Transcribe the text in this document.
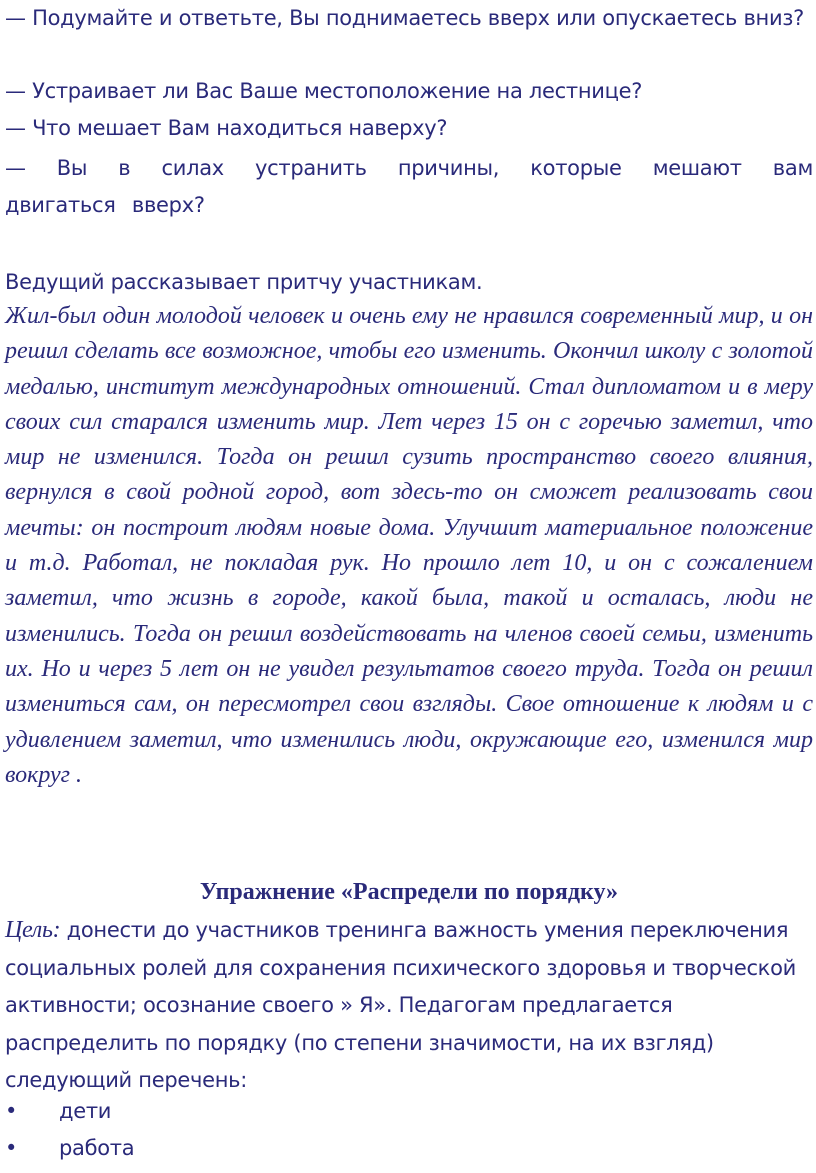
— Подумайте и ответьте, Вы поднимаетесь вверх или опускаетесь вниз?

— Устраивает ли Вас Ваше местоположение на лестнице?

— Что мешает Вам находиться наверху?

— Вы в силах устранить причины, которые мешают вам двигаться вверх?

Ведущий рассказывает притчу участникам.

Жил-был один молодой человек и очень ему не нравился современный мир, и он решил сделать все возможное, чтобы его изменить. Окончил школу с золотой медалью, институт международных отношений. Стал дипломатом и в меру своих сил старался изменить мир. Лет через 15 он с горечью заметил, что мир не изменился. Тогда он решил сузить пространство своего влияния, вернулся в свой родной город, вот здесь-то он сможет реализовать свои мечты: он построит людям новые дома. Улучшит материальное положение и т.д. Работал, не покладая рук. Но прошло лет 10, и он с сожалением заметил, что жизнь в городе, какой была, такой и осталась, люди не изменились. Тогда он решил воздействовать на членов своей семьи, изменить их. Но и через 5 лет он не увидел результатов своего труда. Тогда он решил измениться сам, он пересмотрел свои взгляды. Свое отношение к людям и с удивлением заметил, что изменились люди, окружающие его, изменился мир вокруг .

Упражнение «Распредели по порядку»

Цель: донести до участников тренинга важность умения переключения социальных ролей для сохранения психического здоровья и творческой активности; осознание своего » Я». Педагогам предлагается распределить по порядку (по степени значимости, на их взгляд) следующий перечень:

• дети
• работа
